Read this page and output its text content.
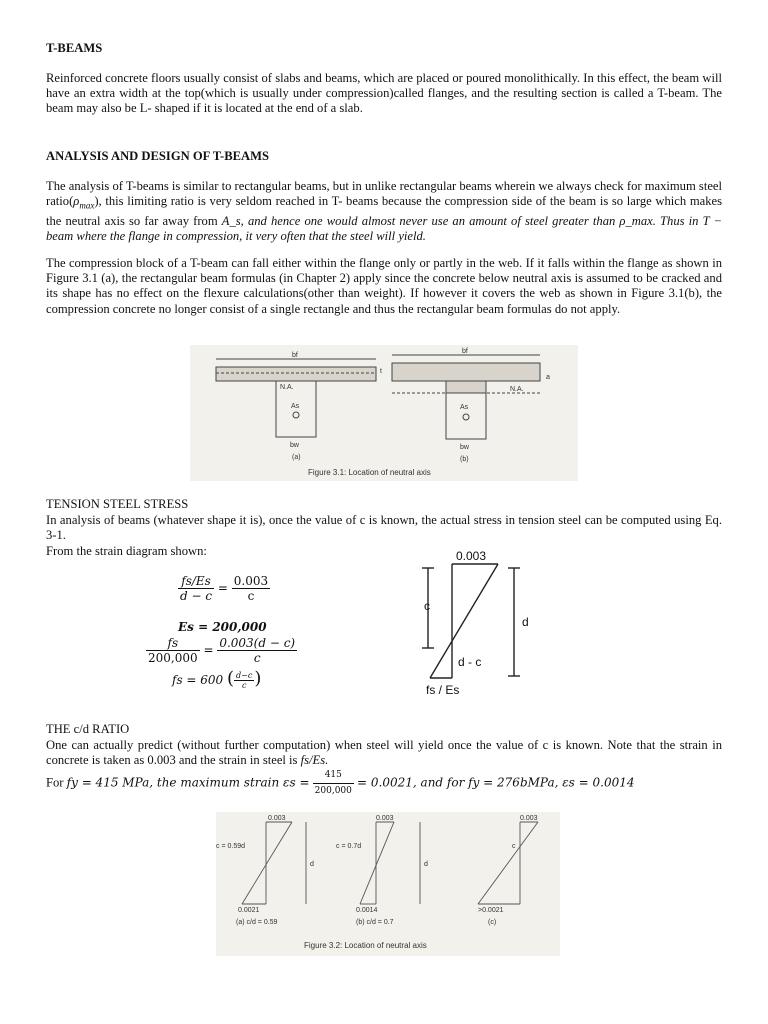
T-BEAMS

Reinforced concrete floors usually consist of slabs and beams, which are placed or poured monolithically. In this effect, the beam will have an extra width at the top(which is usually under compression)called flanges, and the resulting section is called a T-beam. The beam may also be L- shaped if it is located at the end of a slab.

ANALYSIS AND DESIGN OF T-BEAMS

The analysis of T-beams is similar to rectangular beams, but in unlike rectangular beams wherein we always check for maximum steel $ratio(\rho_{max})$, this limiting ratio is very seldom reached in T- beams because the compression side of the beam is so large which makes the neutral axis so far away from A_s, and hence one would almost never use an amount of steel greater than ρ_max. Thus in T − beam where the flange in compression, it very often that the steel will yield.

The compression block of a T-beam can fall either within the flange only or partly in the web. If it falls within the flange as shown in Figure 3.1 (a), the rectangular beam formulas (in Chapter 2) apply since the concrete below neutral axis is assumed to be cracked and its shape has no effect on the flexure calculations(other than weight). If however it covers the web as shown in Figure 3.1(b), the compression concrete no longer consist of a single rectangle and thus the rectangular beam formulas do not apply.

bf
t
N.A.
As
bw
(a)
bf
a
N.A.
As
bw
(b)
Figure 3.1: Location of neutral axis
TENSION STEEL STRESS

In analysis of beams (whatever shape it is), once the value of c is known, the actual stress in tension steel can be computed using Eq. 3-1.

From the strain diagram shown:

$\frac{fs/Es}{d - c} = \frac{0.003}{c}$
Es = 200,000
$\frac{fs}{200,000} = \frac{0.003(d - c)}{c}$
fs = 600 ( $\frac{d-c}{c}$ )
0.003
c
d
d - c
fs / Es
THE c/d RATIO

One can actually predict (without further computation) when steel will yield once the value of c is known. Note that the strain in concrete is taken as 0.003 and the strain in steel is fs/Es.

For fy = 415 MPa, the maximum strain $\varepsilon s = \frac{415}{200,000} = 0.0021$, and for fy = 276bMPa, εs = 0.0014
0.003
c = 0.59d
d
0.0021
(a) c/d = 0.59
0.003
c = 0.7d
d
0.0014
(b) c/d = 0.7
0.003
c
>0.0021
(c)
Figure 3.2: Location of neutral axis
